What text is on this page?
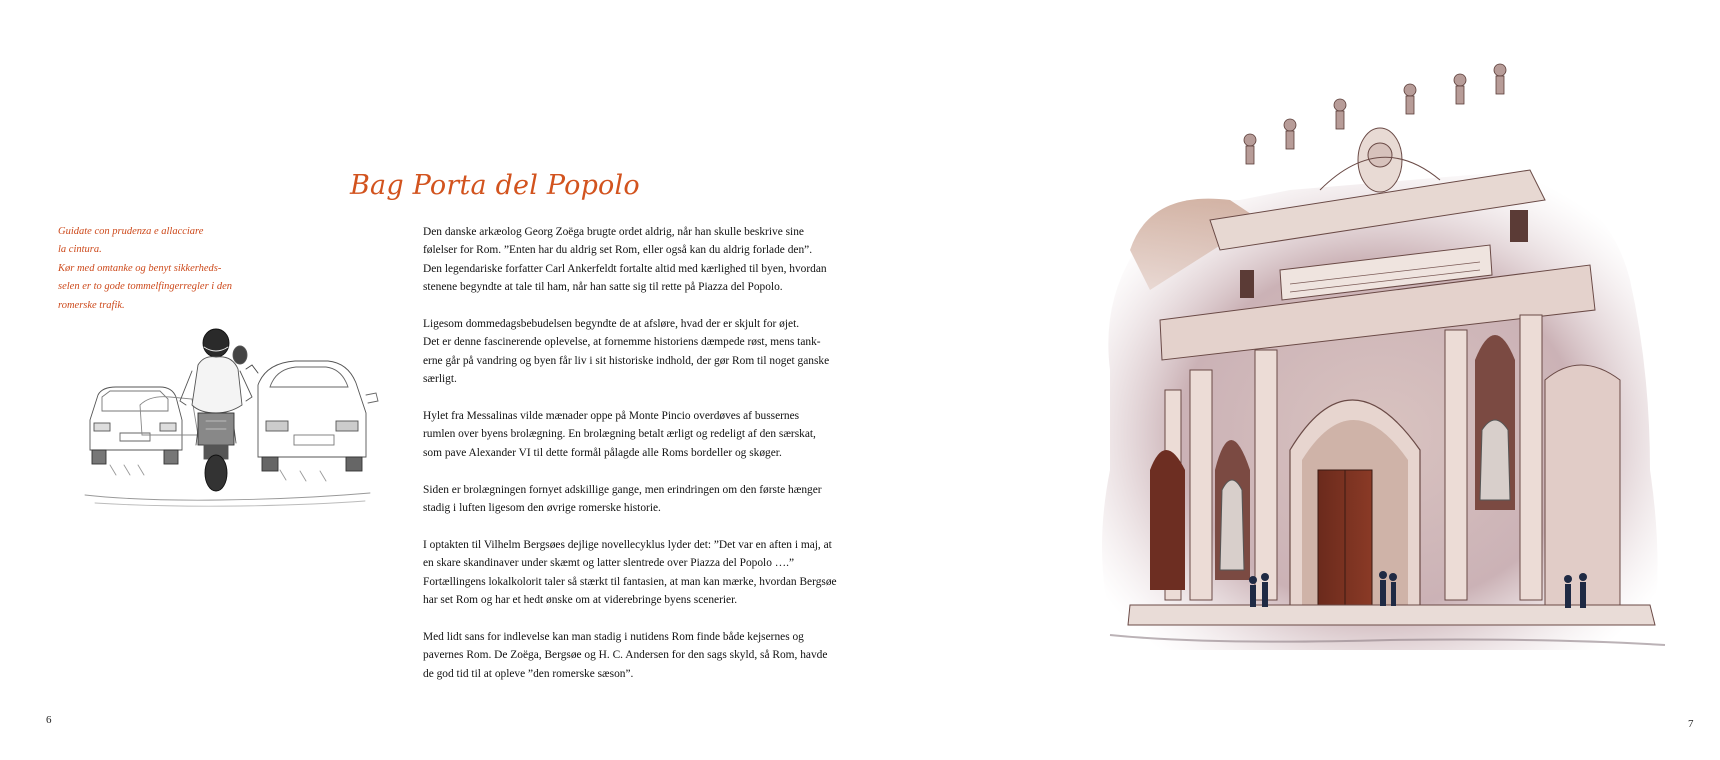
Guidate con prudenza e allacciare
la cintura.
Kør med omtanke og benyt sikkerheds-
selen er to gode tommelfingerregler i den
romerske trafik.
Bag Porta del Popolo
Den danske arkæolog Georg Zoëga brugte ordet aldrig, når han skulle beskrive sine
følelser for Rom. ”Enten har du aldrig set Rom, eller også kan du aldrig forlade den”.
Den legendariske forfatter Carl Ankerfeldt fortalte altid med kærlighed til byen, hvordan
stenene begyndte at tale til ham, når han satte sig til rette på Piazza del Popolo.
Ligesom dommedagsbebudelsen begyndte de at afsløre, hvad der er skjult for øjet.
Det er denne fascinerende oplevelse, at fornemme historiens dæmpede røst, mens tank-
erne går på vandring og byen får liv i sit historiske indhold, der gør Rom til noget ganske
særligt.
Hylet fra Messalinas vilde mænader oppe på Monte Pincio overdøves af bussernes
rumlen over byens brolægning. En brolægning betalt ærligt og redeligt af den særskat,
som pave Alexander VI til dette formål pålagde alle Roms bordeller og skøger.
Siden er brolægningen fornyet adskillige gange, men erindringen om den første hænger
stadig i luften ligesom den øvrige romerske historie.
I optakten til Vilhelm Bergsøes dejlige novellecyklus lyder det: ”Det var en aften i maj, at
en skare skandinaver under skæmt og latter slentrede over Piazza del Popolo ….”
Fortællingens lokalkolorit taler så stærkt til fantasien, at man kan mærke, hvordan Bergsøe
har set Rom og har et hedt ønske om at viderebringe byens scenerier.
Med lidt sans for indlevelse kan man stadig i nutidens Rom finde både kejsernes og
pavernes Rom. De Zoëga, Bergsøe og H. C. Andersen for den sags skyld, så Rom, havde
de god tid til at opleve ”den romerske sæson”.
6	7
